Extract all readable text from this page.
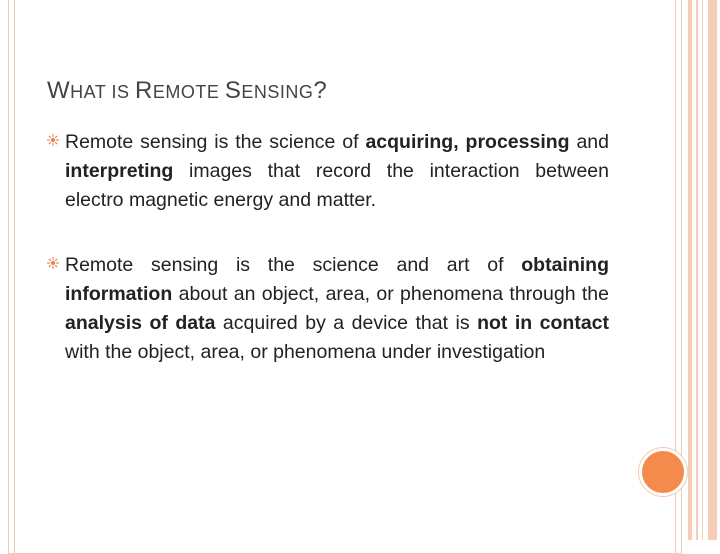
WHAT IS REMOTE SENSING?
Remote sensing is the science of acquiring, processing and interpreting images that record the interaction between electro magnetic energy and matter.
Remote sensing is the science and art of obtaining information about an object, area, or phenomena through the analysis of data acquired by a device that is not in contact with the object, area, or phenomena under investigation
